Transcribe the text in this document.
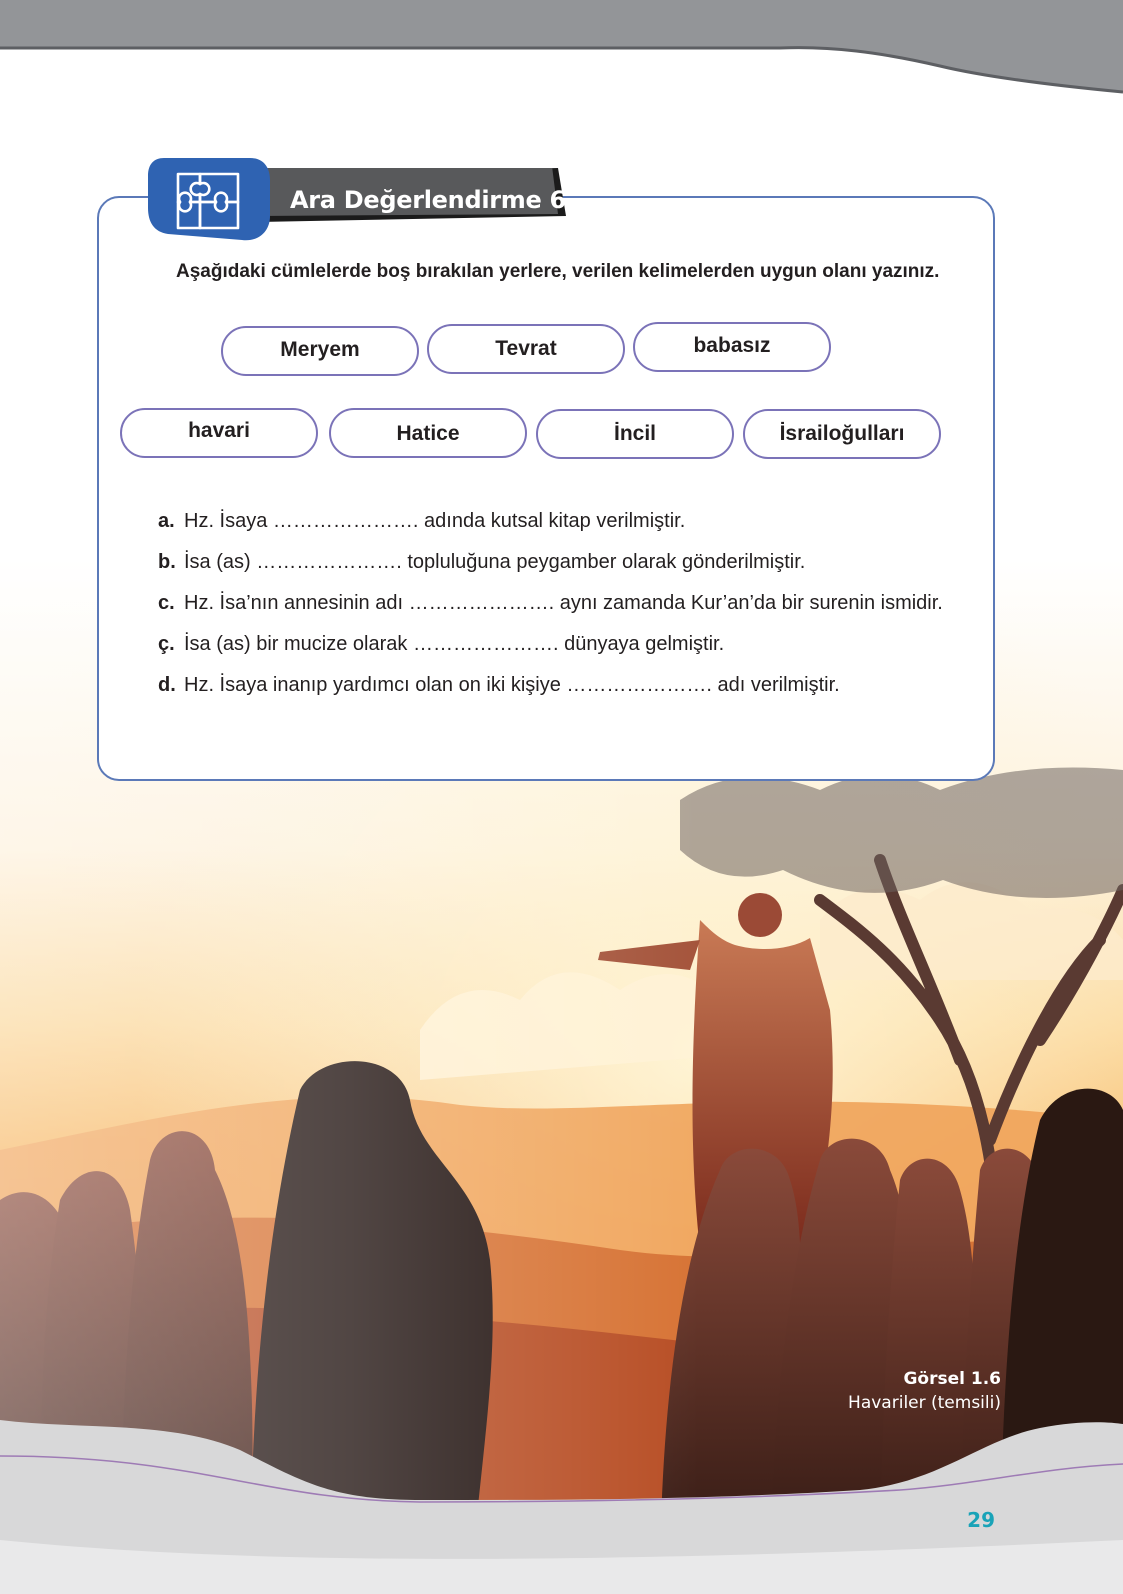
Ara Değerlendirme 6
Aşağıdaki cümlelerde boş bırakılan yerlere, verilen kelimelerden uygun olanı yazınız.
Meryem	Tevrat	babasız
havari	Hatice	İncil	İsrailoğulları
a. Hz. İsaya …………………. adında kutsal kitap verilmiştir.
b. İsa (as) …………………. topluluğuna peygamber olarak gönderilmiştir.
c. Hz. İsa’nın annesinin adı …………………. aynı zamanda Kur’an’da bir surenin ismidir.
ç. İsa (as) bir mucize olarak …………………. dünyaya gelmiştir.
d. Hz. İsaya inanıp yardımcı olan on iki kişiye …………………. adı verilmiştir.
Görsel 1.6
Havariler (temsili)
29
